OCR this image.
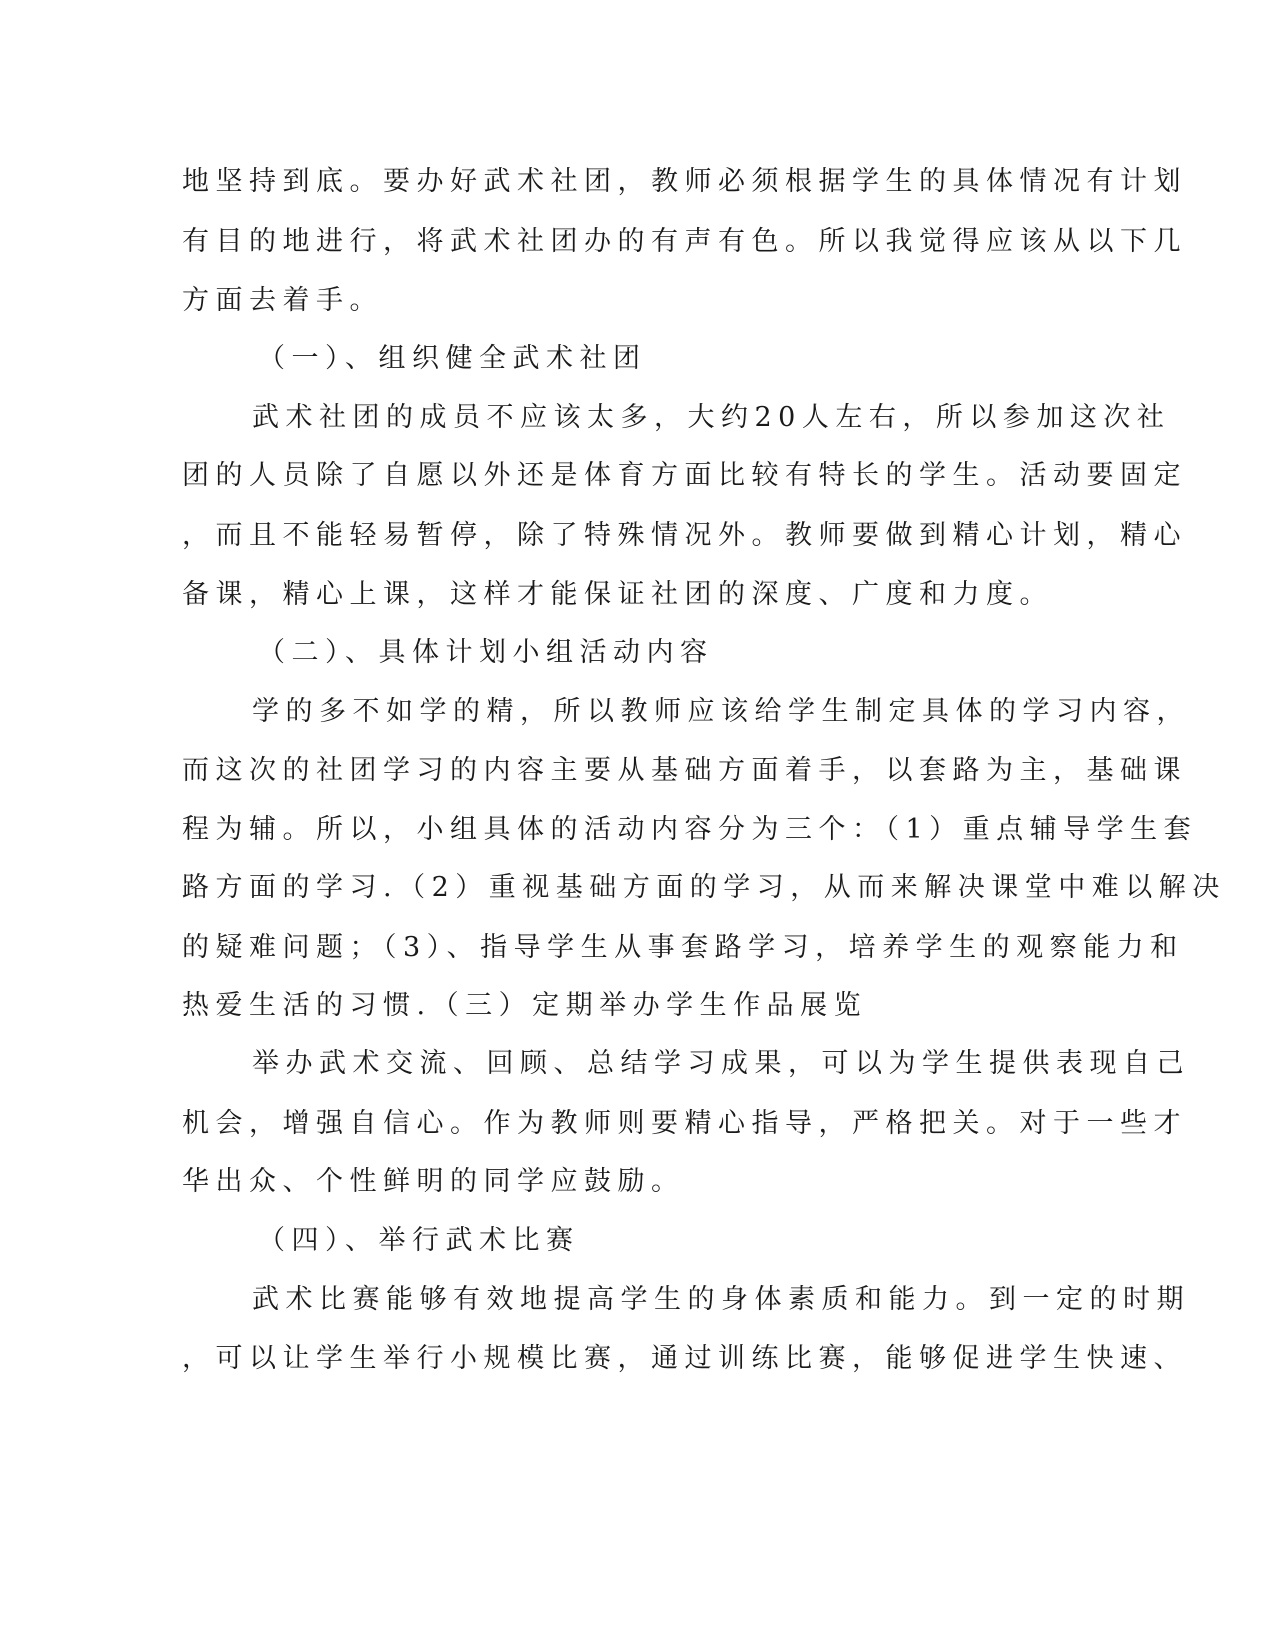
地坚持到底。要办好武术社团，教师必须根据学生的具体情况有计划
有目的地进行，将武术社团办的有声有色。所以我觉得应该从以下几
方面去着手。
（一）、组织健全武术社团
武术社团的成员不应该太多，大约20人左右，所以参加这次社
团的人员除了自愿以外还是体育方面比较有特长的学生。活动要固定
，而且不能轻易暂停，除了特殊情况外。教师要做到精心计划，精心
备课，精心上课，这样才能保证社团的深度、广度和力度。
（二）、具体计划小组活动内容
学的多不如学的精，所以教师应该给学生制定具体的学习内容，
而这次的社团学习的内容主要从基础方面着手，以套路为主，基础课
程为辅。所以，小组具体的活动内容分为三个：（1）重点辅导学生套
路方面的学习.（2）重视基础方面的学习，从而来解决课堂中难以解决
的疑难问题；（3）、指导学生从事套路学习，培养学生的观察能力和
热爱生活的习惯.（三）定期举办学生作品展览
举办武术交流、回顾、总结学习成果，可以为学生提供表现自己
机会，增强自信心。作为教师则要精心指导，严格把关。对于一些才
华出众、个性鲜明的同学应鼓励。
（四）、举行武术比赛
武术比赛能够有效地提高学生的身体素质和能力。到一定的时期
，可以让学生举行小规模比赛，通过训练比赛，能够促进学生快速、
